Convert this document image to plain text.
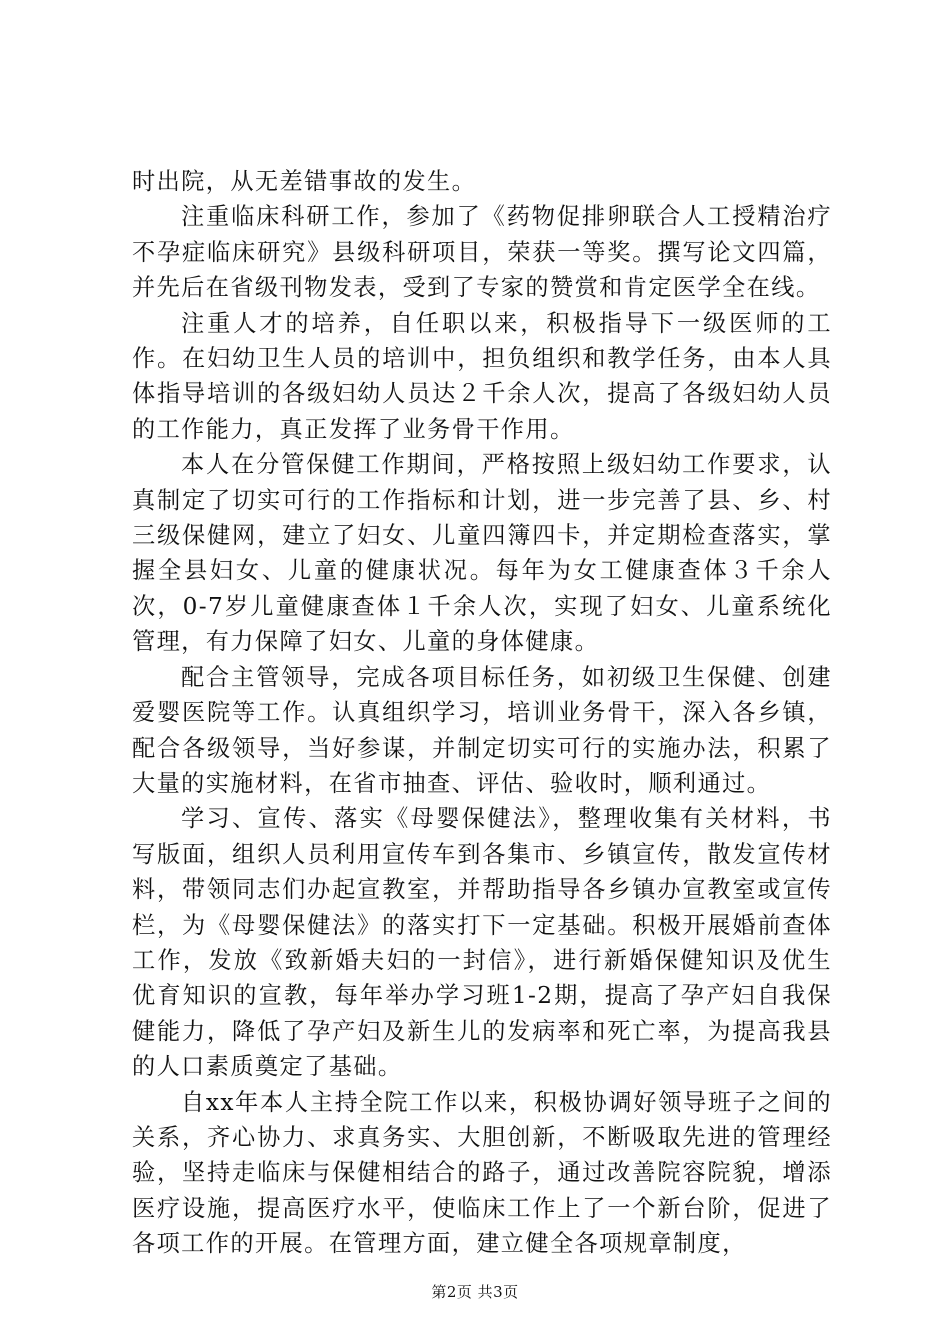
时出院，从无差错事故的发生。

注重临床科研工作，参加了《药物促排卵联合人工授精治疗不孕症临床研究》县级科研项目，荣获一等奖。撰写论文四篇，并先后在省级刊物发表，受到了专家的赞赏和肯定医学全在线。

注重人才的培养，自任职以来，积极指导下一级医师的工作。在妇幼卫生人员的培训中，担负组织和教学任务，由本人具体指导培训的各级妇幼人员达２千余人次，提高了各级妇幼人员的工作能力，真正发挥了业务骨干作用。

本人在分管保健工作期间，严格按照上级妇幼工作要求，认真制定了切实可行的工作指标和计划，进一步完善了县、乡、村三级保健网，建立了妇女、儿童四簿四卡，并定期检查落实，掌握全县妇女、儿童的健康状况。每年为女工健康查体３千余人次，0-7岁儿童健康查体１千余人次，实现了妇女、儿童系统化管理，有力保障了妇女、儿童的身体健康。

配合主管领导，完成各项目标任务，如初级卫生保健、创建爱婴医院等工作。认真组织学习，培训业务骨干，深入各乡镇，配合各级领导，当好参谋，并制定切实可行的实施办法，积累了大量的实施材料，在省市抽查、评估、验收时，顺利通过。

学习、宣传、落实《母婴保健法》，整理收集有关材料，书写版面，组织人员利用宣传车到各集市、乡镇宣传，散发宣传材料，带领同志们办起宣教室，并帮助指导各乡镇办宣教室或宣传栏，为《母婴保健法》的落实打下一定基础。积极开展婚前查体工作，发放《致新婚夫妇的一封信》，进行新婚保健知识及优生优育知识的宣教，每年举办学习班1-2期，提高了孕产妇自我保健能力，降低了孕产妇及新生儿的发病率和死亡率，为提高我县的人口素质奠定了基础。

自xx年本人主持全院工作以来，积极协调好领导班子之间的关系，齐心协力、求真务实、大胆创新，不断吸取先进的管理经验，坚持走临床与保健相结合的路子，通过改善院容院貌，增添医疗设施，提高医疗水平，使临床工作上了一个新台阶，促进了各项工作的开展。在管理方面，建立健全各项规章制度，

第2页 共3页
